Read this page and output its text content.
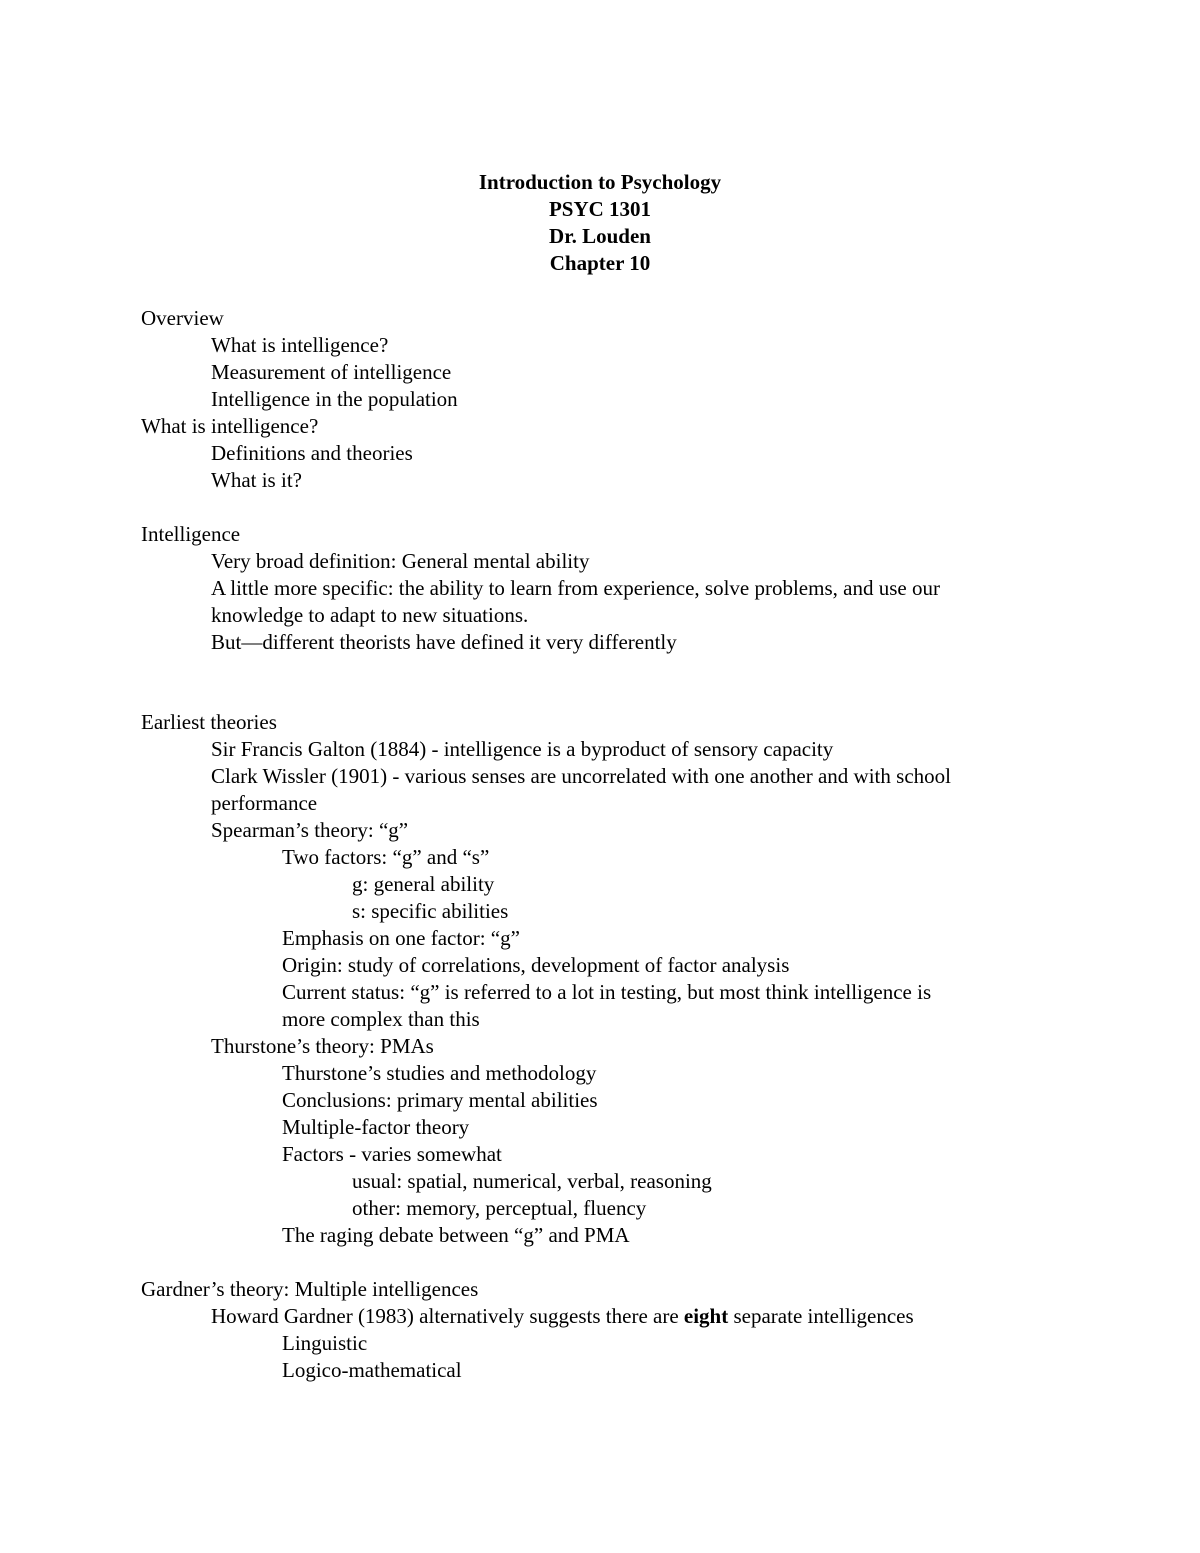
Introduction to Psychology
PSYC 1301
Dr. Louden
Chapter 10
Overview
What is intelligence?
Measurement of intelligence
Intelligence in the population
What is intelligence?
Definitions and theories
What is it?
Intelligence
Very broad definition: General mental ability
A little more specific: the ability to learn from experience, solve problems, and use our
knowledge to adapt to new situations.
But—different theorists have defined it very differently
Earliest theories
Sir Francis Galton (1884) - intelligence is a byproduct of sensory capacity
Clark Wissler (1901) - various senses are uncorrelated with one another and with school
performance
Spearman’s theory: “g”
Two factors: “g” and “s”
g: general ability
s: specific abilities
Emphasis on one factor: “g”
Origin: study of correlations, development of factor analysis
Current status: “g” is referred to a lot in testing, but most think intelligence is
more complex than this
Thurstone’s theory: PMAs
Thurstone’s studies and methodology
Conclusions: primary mental abilities
Multiple-factor theory
Factors - varies somewhat
usual: spatial, numerical, verbal, reasoning
other: memory, perceptual, fluency
The raging debate between “g” and PMA
Gardner’s theory: Multiple intelligences
Howard Gardner (1983) alternatively suggests there are eight separate intelligences
Linguistic
Logico-mathematical
